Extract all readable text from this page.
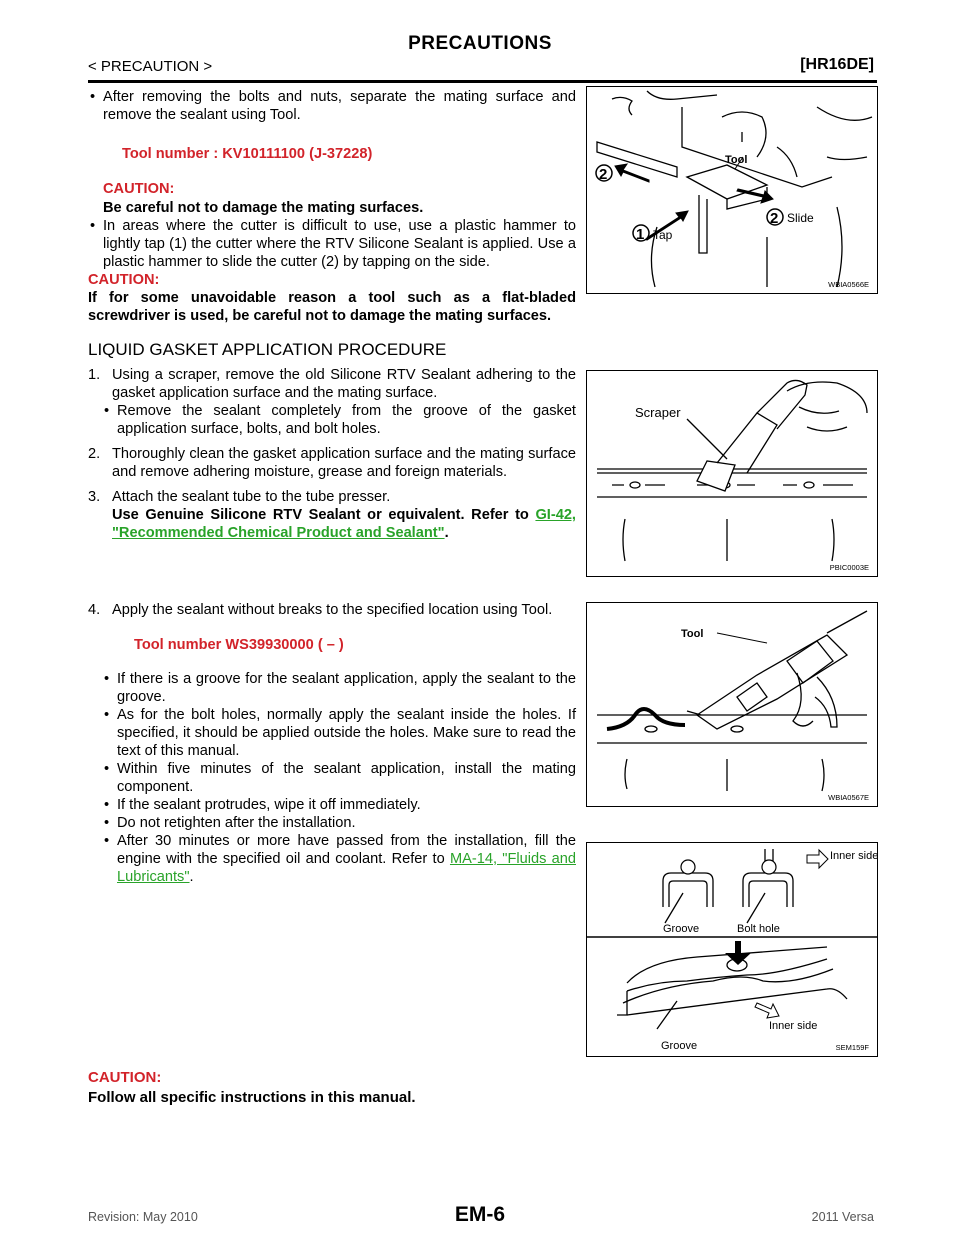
PRECAUTIONS
< PRECAUTION >	[HR16DE]

• After removing the bolts and nuts, separate the mating surface and remove the sealant using Tool.

Tool number : KV10111100 (J-37228)

CAUTION:

Be careful not to damage the mating surfaces.

• In areas where the cutter is difficult to use, use a plastic hammer to lightly tap (1) the cutter where the RTV Silicone Sealant is applied. Use a plastic hammer to slide the cutter (2) by tapping on the side.

CAUTION:

If for some unavoidable reason a tool such as a flat-bladed screwdriver is used, be careful not to damage the mating surfaces.

2
1 Tap
2 Slide
Tool
WBIA0566E
LIQUID GASKET APPLICATION PROCEDURE

1. Using a scraper, remove the old Silicone RTV Sealant adhering to the gasket application surface and the mating surface.

• Remove the sealant completely from the groove of the gasket application surface, bolts, and bolt holes.

2. Thoroughly clean the gasket application surface and the mating surface and remove adhering moisture, grease and foreign materials.

3. Attach the sealant tube to the tube presser.

Use Genuine Silicone RTV Sealant or equivalent. Refer to GI-42, "Recommended Chemical Product and Sealant".

Scraper
PBIC0003E

4. Apply the sealant without breaks to the specified location using Tool.

Tool number WS39930000 ( – )

• If there is a groove for the sealant application, apply the sealant to the groove.

• As for the bolt holes, normally apply the sealant inside the holes. If specified, it should be applied outside the holes. Make sure to read the text of this manual.

• Within five minutes of the sealant application, install the mating component.

• If the sealant protrudes, wipe it off immediately.

• Do not retighten after the installation.

• After 30 minutes or more have passed from the installation, fill the engine with the specified oil and coolant. Refer to MA-14, "Fluids and Lubricants".

Tool
WBIA0567E
Inner side
Groove	Bolt hole
Inner side
Groove	SEM159F

CAUTION:

Follow all specific instructions in this manual.

EM-6
Revision: May 2010	2011 Versa
